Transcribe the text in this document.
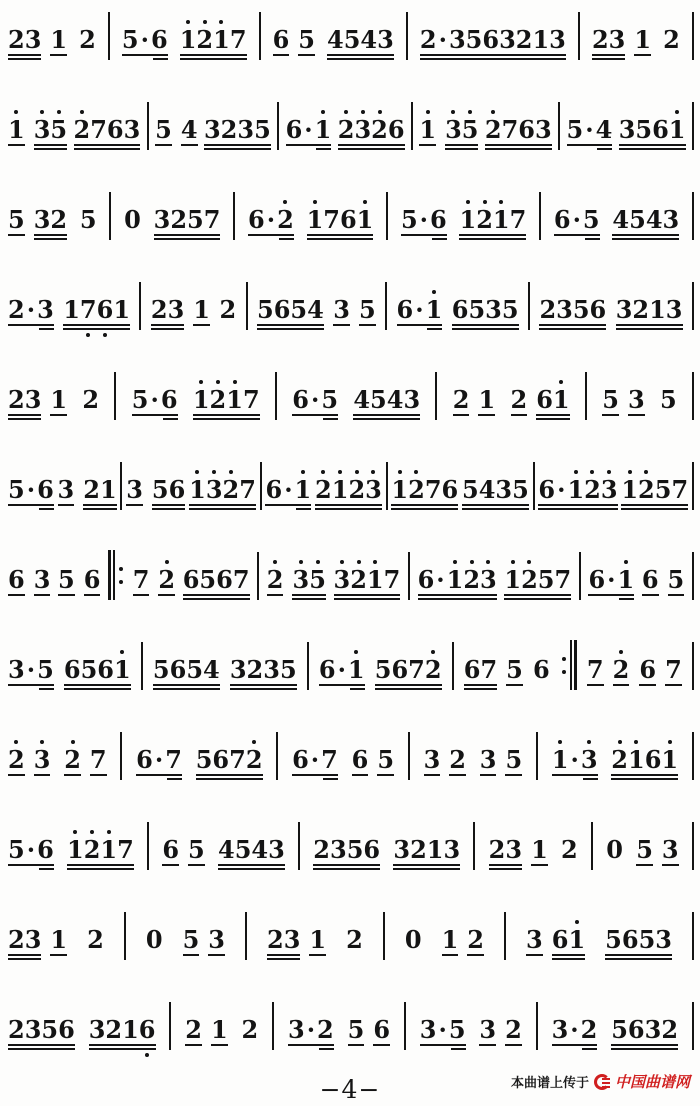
2 3 1 2 5 · 6 1 2 1 7 6 5 4 5 4 3 2 · 3 5 6 3 2 1 3 2 3 1 2
1 3 5 2 7 6 3 5 4 3 2 3 5 6 · 1 2 3 2 6 1 3 5 2 7 6 3 5 · 4 3 5 6 1
5 3 2 5 0 3 2 5 7 6 · 2 1 7 6 1 5 · 6 1 2 1 7 6 · 5 4 5 4 3
2 · 3 1 7 6 1 2 3 1 2 5 6 5 4 3 5 6 · 1 6 5 3 5 2 3 5 6 3 2 1 3
2 3 1 2 5 · 6 1 2 1 7 6 · 5 4 5 4 3 2 1 2 6 1 5 3 5
5 · 6 3 2 1 3 5 6 1 3 2 7 6 · 1 2 1 2 3 1 2 7 6 5 4 3 5 6 · 1 2 3 1 2 5 7
6 3 5 6 7 2 6 5 6 7 2 3 5 3 2 1 7 6 · 1 2 3 1 2 5 7 6 · 1 6 5
3 · 5 6 5 6 1 5 6 5 4 3 2 3 5 6 · 1 5 6 7 2 6 7 5 6 7 2 6 7
2 3 2 7 6 · 7 5 6 7 2 6 · 7 6 5 3 2 3 5 1 · 3 2 1 6 1
5 · 6 1 2 1 7 6 5 4 5 4 3 2 3 5 6 3 2 1 3 2 3 1 2 0 5 3
2 3 1 2 0 5 3 2 3 1 2 0 1 2 3 6 1 5 6 5 3
2 3 5 6 3 2 1 6 2 1 2 3 · 2 5 6 3 · 5 3 2 3 · 2 5 6 3 2
−4−	本曲谱上传于 中国曲谱网
